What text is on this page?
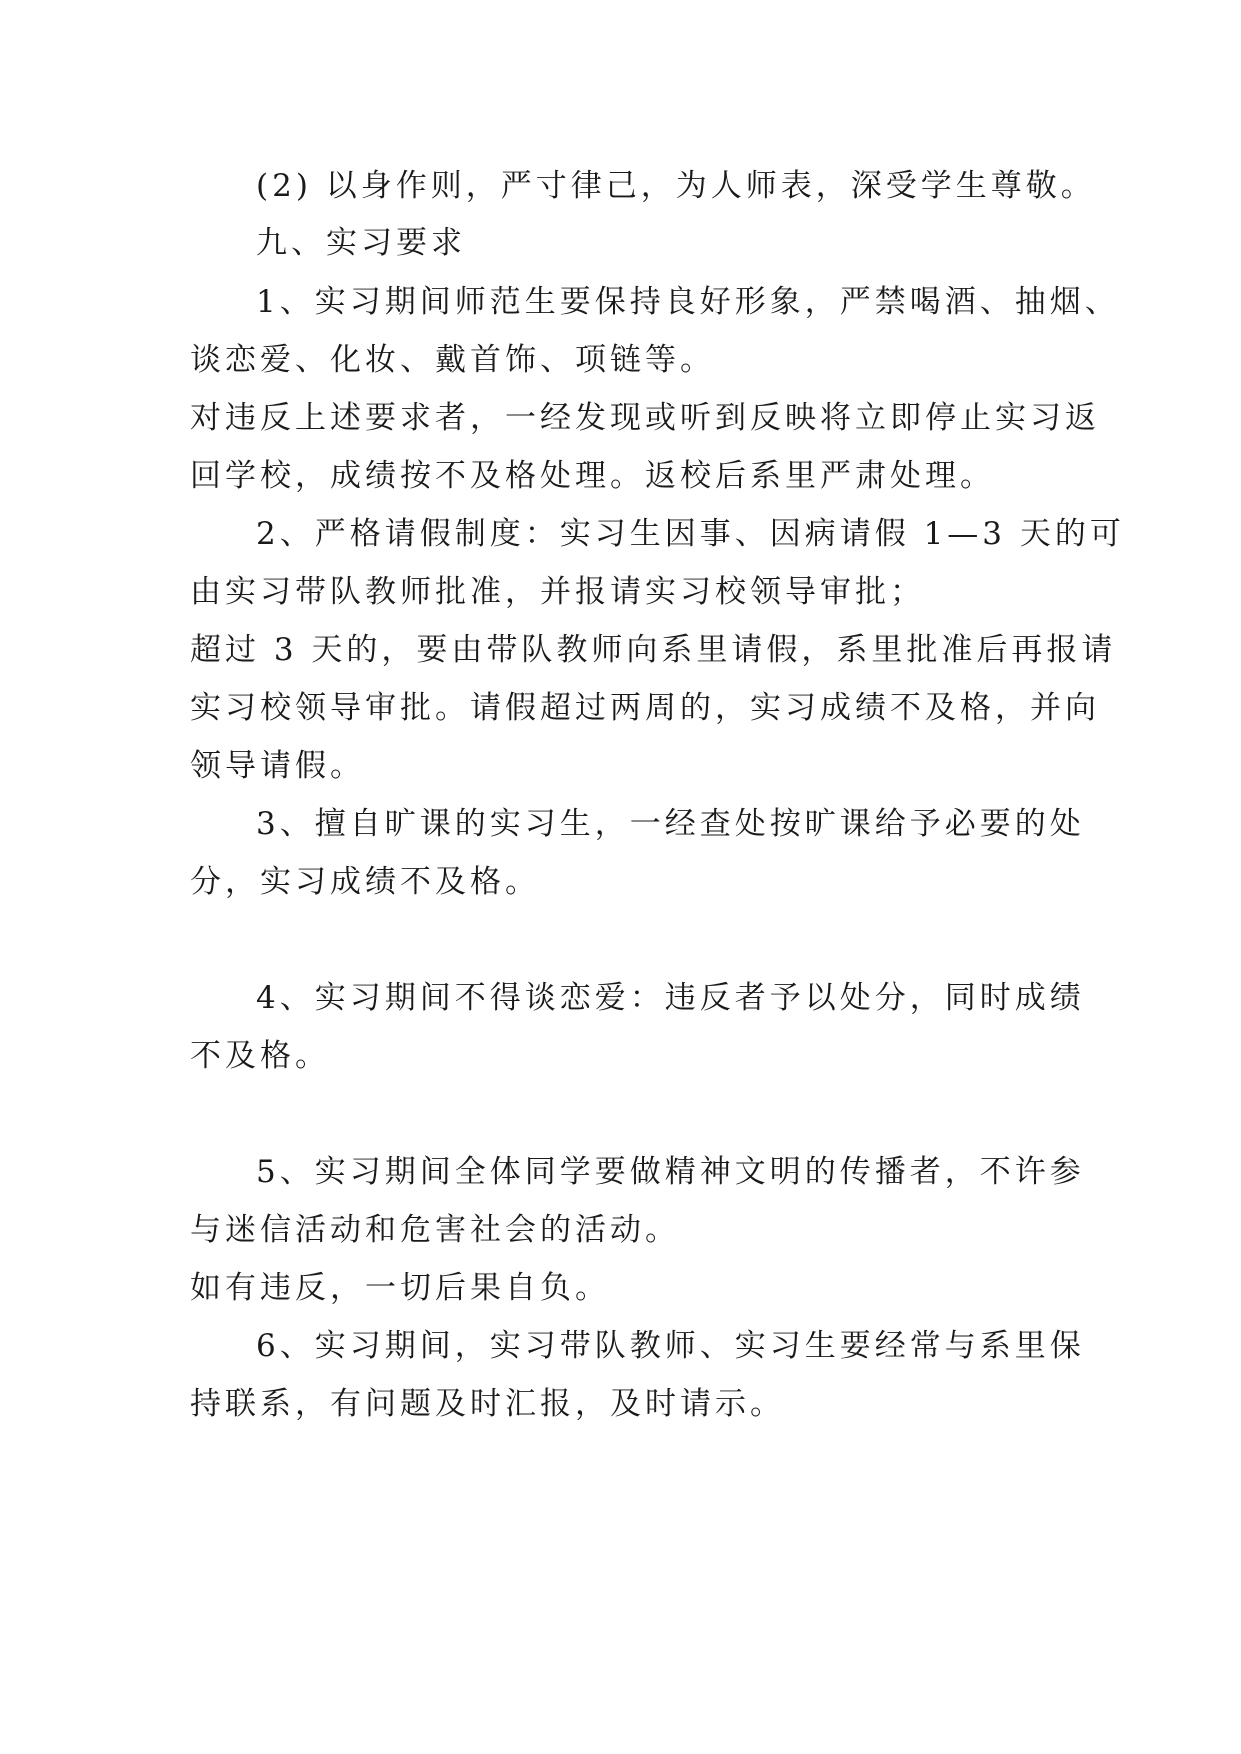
(2) 以身作则，严寸律己，为人师表，深受学生尊敬。
九、实习要求
1、实习期间师范生要保持良好形象，严禁喝酒、抽烟、
谈恋爱、化妆、戴首饰、项链等。
对违反上述要求者，一经发现或听到反映将立即停止实习返
回学校，成绩按不及格处理。返校后系里严肃处理。
2、严格请假制度：实习生因事、因病请假 1—3 天的可
由实习带队教师批准，并报请实习校领导审批；
超过 3 天的，要由带队教师向系里请假，系里批准后再报请
实习校领导审批。请假超过两周的，实习成绩不及格，并向
领导请假。
3、擅自旷课的实习生，一经查处按旷课给予必要的处
分，实习成绩不及格。
4、实习期间不得谈恋爱：违反者予以处分，同时成绩
不及格。
5、实习期间全体同学要做精神文明的传播者，不许参
与迷信活动和危害社会的活动。
如有违反，一切后果自负。
6、实习期间，实习带队教师、实习生要经常与系里保
持联系，有问题及时汇报，及时请示。
